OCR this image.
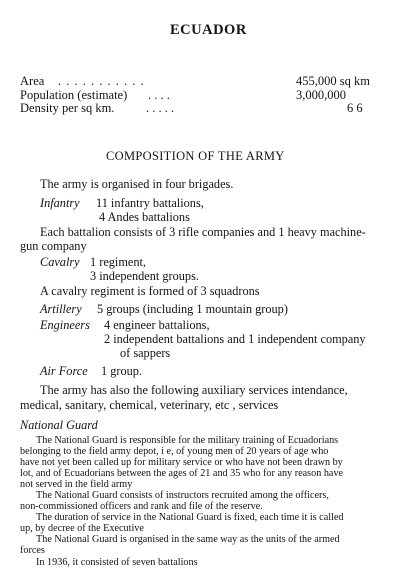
ECUADOR
Area . . . . . . . . . . .	455,000 sq km
Population (estimate) . . . .	3,000,000
Density per sq km.	. . . . .	6 6
COMPOSITION OF THE ARMY
The army is organised in four brigades.
Infantry 11 infantry battalions,
4 Andes battalions
Each battalion consists of 3 rifle companies and 1 heavy machine-
gun company
Cavalry 1 regiment,
3 independent groups.
A cavalry regiment is formed of 3 squadrons
Artillery 5 groups (including 1 mountain group)
Engineers 4 engineer battalions,
2 independent battalions and 1 independent company
of sappers
Air Force 1 group.
The army has also the following auxiliary services intendance,
medical, sanitary, chemical, veterinary, etc , services
National Guard
The National Guard is responsible for the military training of Ecuadorians
belonging to the field army depot, i e, of young men of 20 years of age who
have not yet been called up for military service or who have not been drawn by
lot, and of Ecuadorians between the ages of 21 and 35 who for any reason have
not served in the field army
The National Guard consists of instructors recruited among the officers,
non-commissioned officers and rank and file of the reserve.
The duration of service in the National Guard is fixed, each time it is called
up, by decree of the Executive
The National Guard is organised in the same way as the units of the armed
forces
In 1936, it consisted of seven battalions
